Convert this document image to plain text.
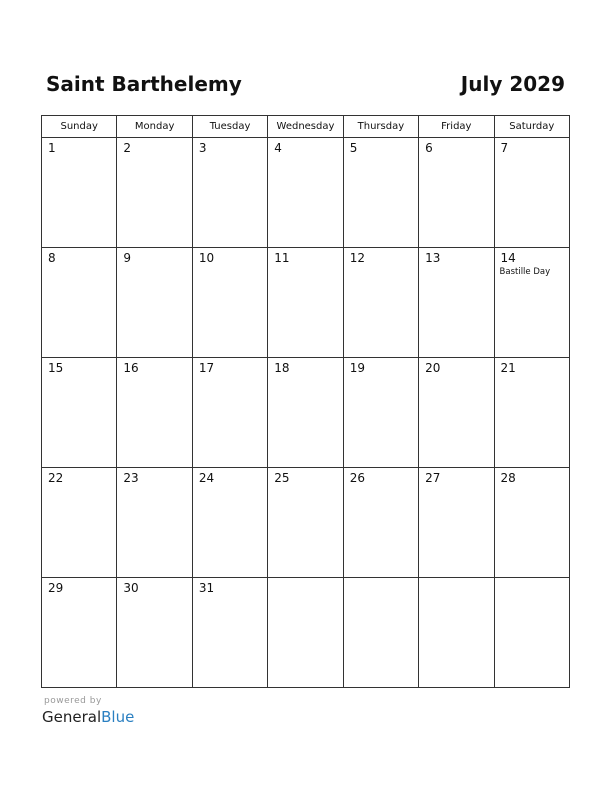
Saint Barthelemy	July 2029
Sunday	Monday	Tuesday	Wednesday	Thursday	Friday	Saturday

1	2	3	4	5	6	7

8	9	10	11	12	13	14
Bastille Day

15	16	17	18	19	20	21

22	23	24	25	26	27	28

29	30	31				

powered by
GeneralBlue
